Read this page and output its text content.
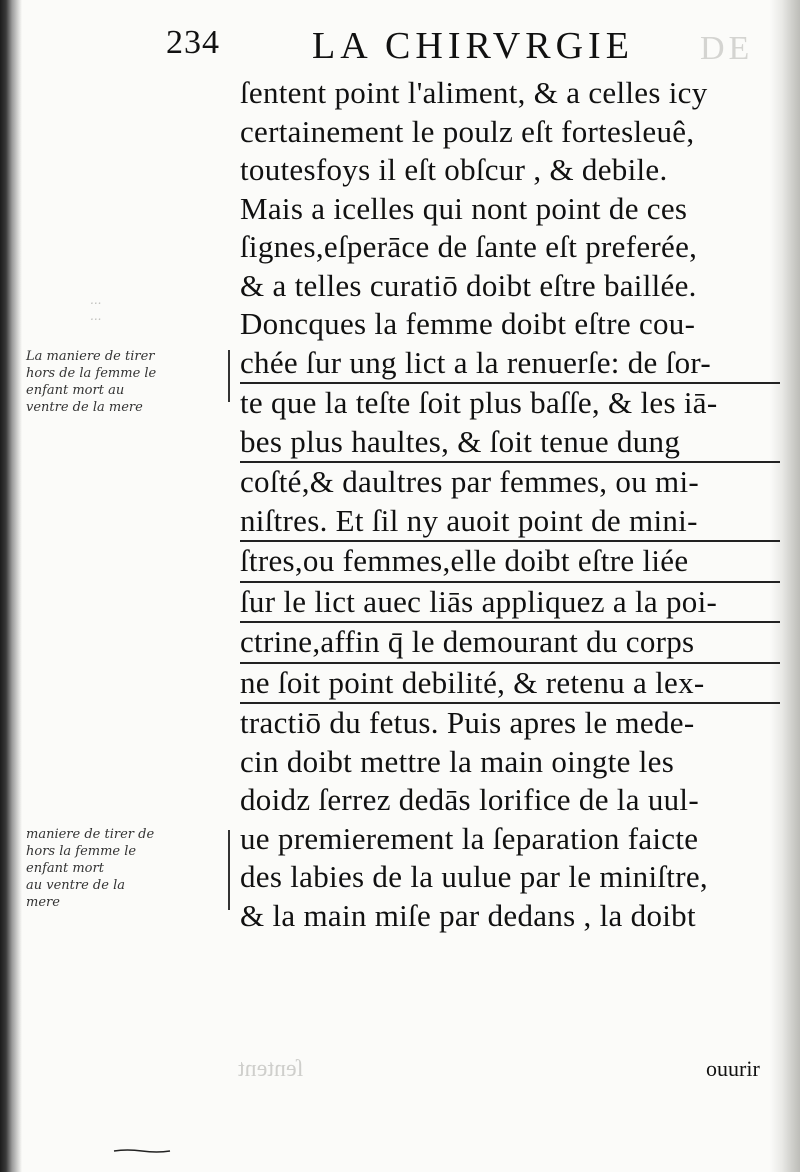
234 LA CHIRVRGIE DE
...
...
La maniere de tirer
hors de la femme le
enfant mort au
ventre de la mere
maniere de tirer de
hors la femme le
enfant mort
au ventre de la
mere
ſentent point l'aliment, & a celles icy
certainement le poulz eſt fortesleuê,
toutesfoys il eſt obſcur , & debile.
Mais a icelles qui nont point de ces
ſignes,eſperāce de ſante eſt preferée,
& a telles curatiō doibt eſtre baillée.
Doncques la femme doibt eſtre cou-
chée ſur ung lict a la renuerſe: de ſor-
te que la teſte ſoit plus baſſe, & les iā-
bes plus haultes, & ſoit tenue dung
coſté,& daultres par femmes, ou mi-
niſtres. Et ſil ny auoit point de mini-
ſtres,ou femmes,elle doibt eſtre liée
ſur le lict auec liās appliquez a la poi-
ctrine,affin q̄ le demourant du corps
ne ſoit point debilité, & retenu a lex-
tractiō du fetus. Puis apres le mede-
cin doibt mettre la main oingte les
doidz ſerrez dedās lorifice de la uul-
ue premierement la ſeparation faicte
des labies de la uulue par le miniſtre,
& la main miſe par dedans , la doibt
ſentent	ouurir
